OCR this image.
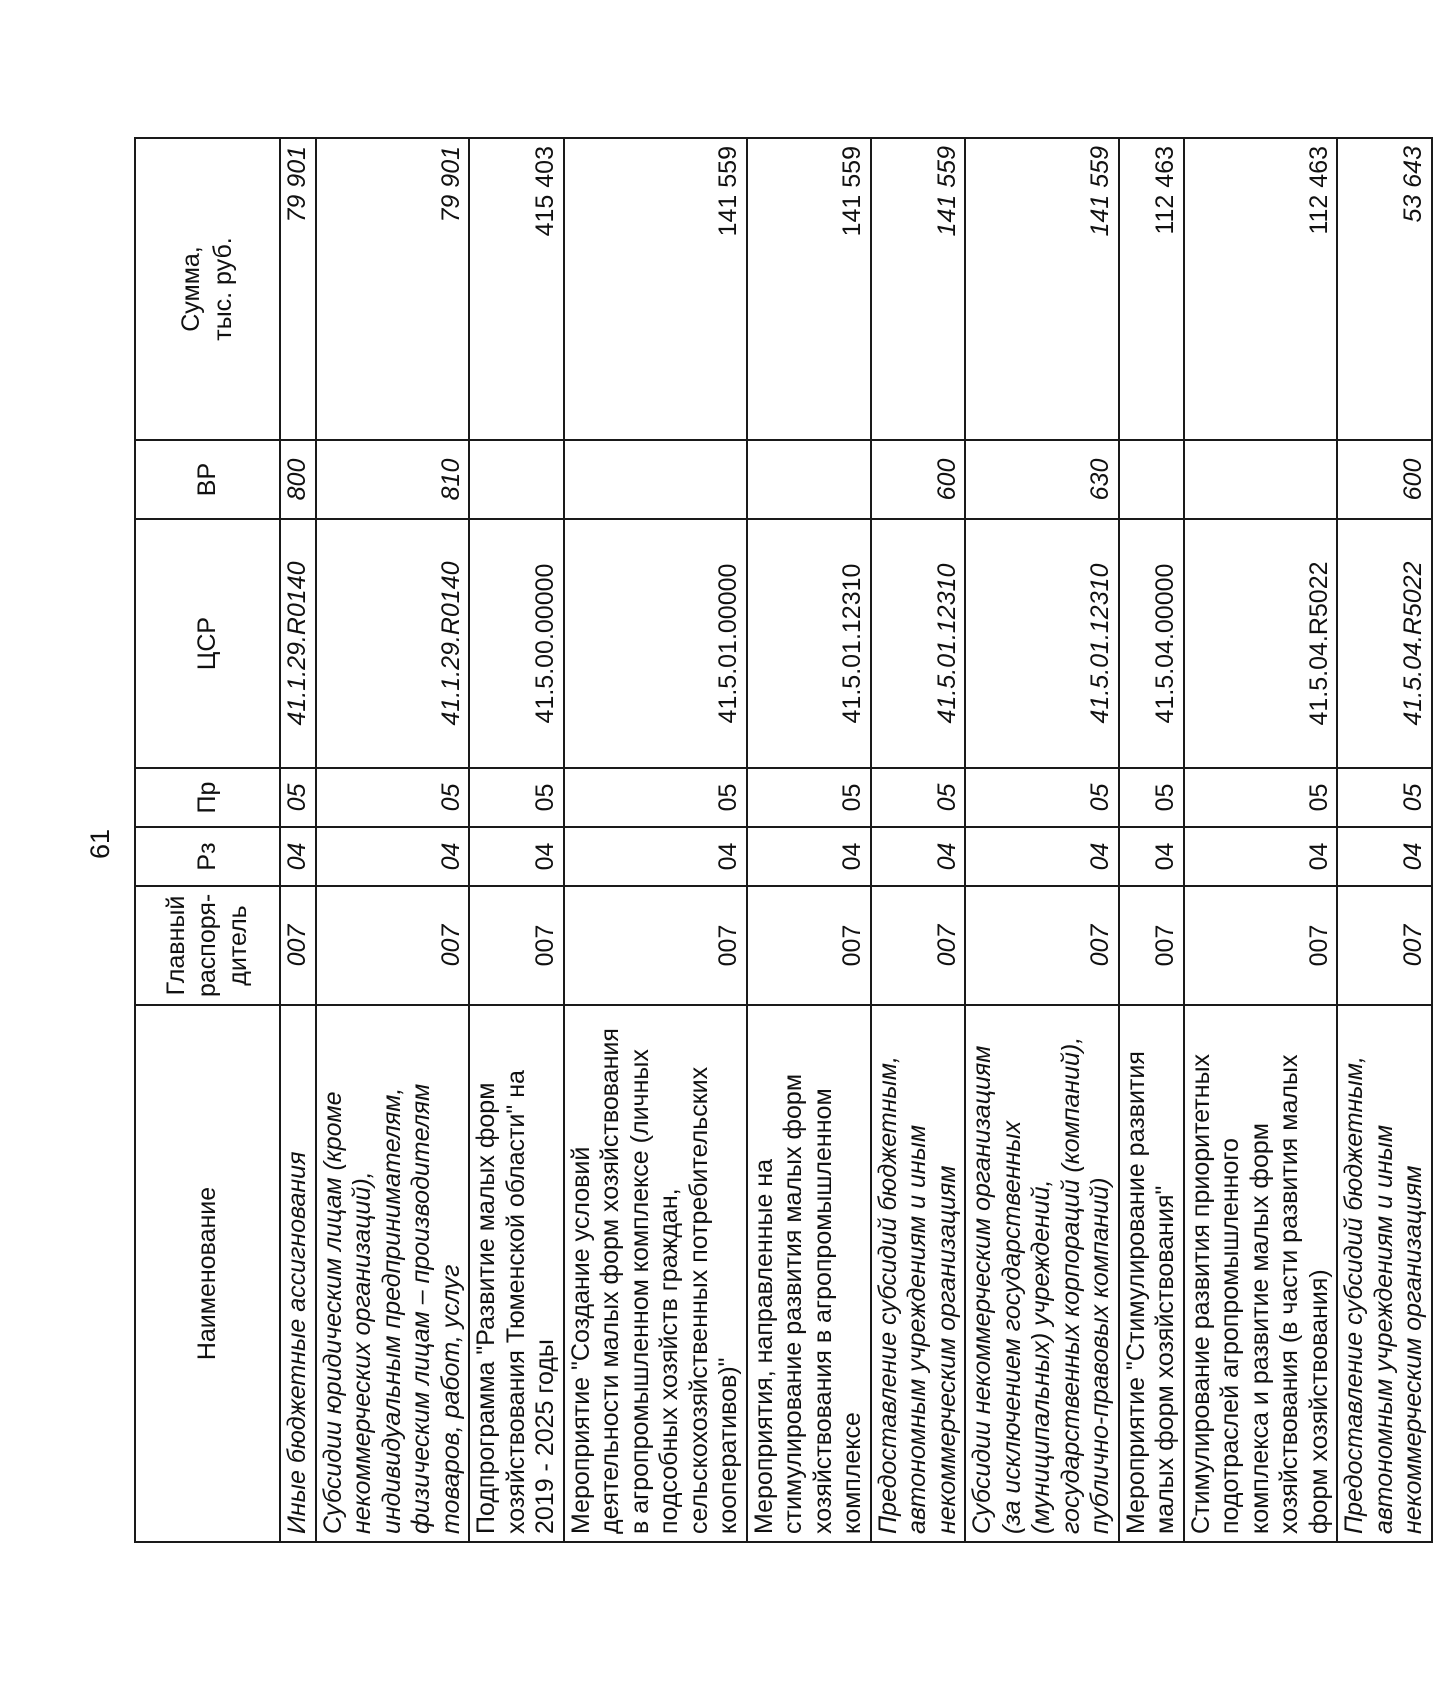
61
Наименование	Главный распоря- дитель	Рз	Пр	ЦСР	ВР	Сумма, тыс. руб.

Иные бюджетные ассигнования	007	04	05	41.1.29.R0140	800	79 901
Субсидии юридическим лицам (кроме некоммерческих организаций), индивидуальным предпринимателям, физическим лицам – производителям товаров, работ, услуг	007	04	05	41.1.29.R0140	810	79 901
Подпрограмма "Развитие малых форм хозяйствования Тюменской области" на 2019 - 2025 годы	007	04	05	41.5.00.00000		415 403
Мероприятие "Создание условий деятельности малых форм хозяйствования в агропромышленном комплексе (личных подсобных хозяйств граждан, сельскохозяйственных потребительских кооперативов)"	007	04	05	41.5.01.00000		141 559
Мероприятия, направленные на стимулирование развития малых форм хозяйствования в агропромышленном комплексе	007	04	05	41.5.01.12310		141 559
Предоставление субсидий бюджетным, автономным учреждениям и иным некоммерческим организациям	007	04	05	41.5.01.12310	600	141 559
Субсидии некоммерческим организациям (за исключением государственных (муниципальных) учреждений, государственных корпораций (компаний), публично-правовых компаний)	007	04	05	41.5.01.12310	630	141 559
Мероприятие "Стимулирование развития малых форм хозяйствования"	007	04	05	41.5.04.00000		112 463
Стимулирование развития приоритетных подотраслей агропромышленного комплекса и развитие малых форм хозяйствования (в части развития малых форм хозяйствования)	007	04	05	41.5.04.R5022		112 463
Предоставление субсидий бюджетным, автономным учреждениям и иным некоммерческим организациям	007	04	05	41.5.04.R5022	600	53 643
